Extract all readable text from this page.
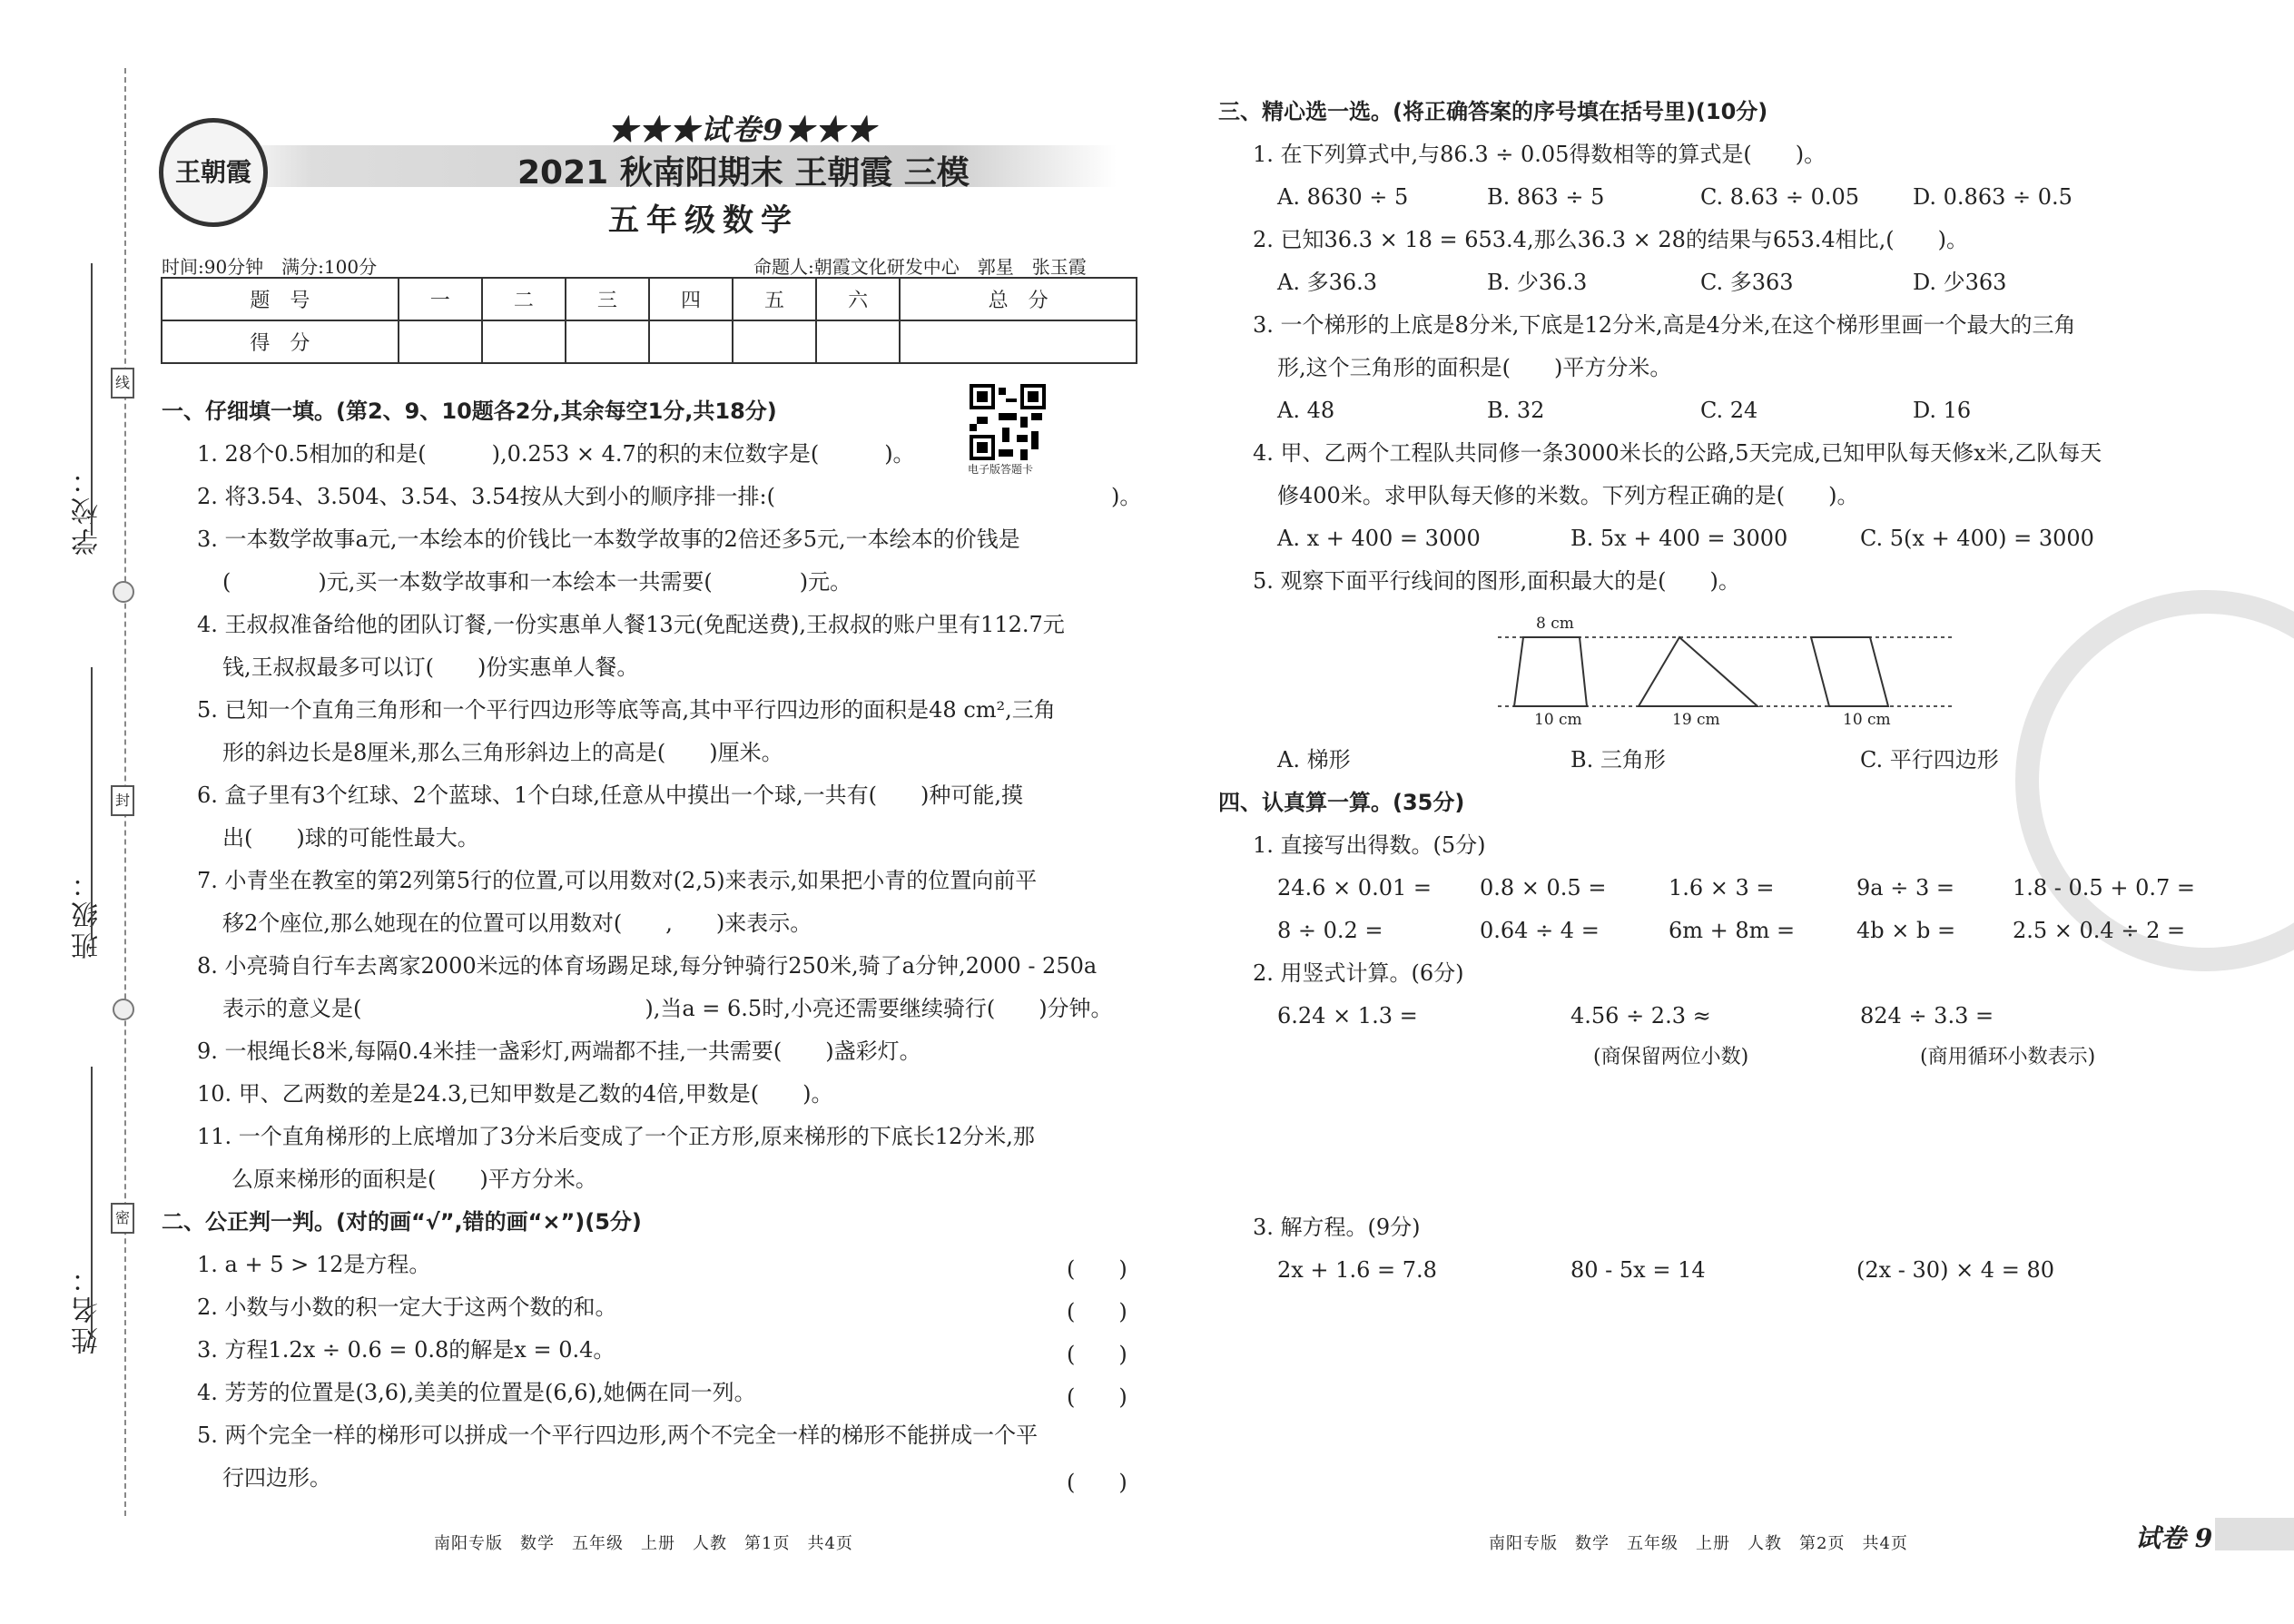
学校：
班级：
姓名：
线
封
密
王朝霞
★★★试卷9★★★
2021 秋南阳期末 王朝霞 三模
五年级数学
时间:90分钟　满分:100分	命题人:朝霞文化研发中心　郭星　张玉霞
题　号	一	二	三	四	五	六	总　分
得　分							
电子版答题卡
一、仔细填一填。(第2、9、10题各2分,其余每空1分,共18分)
1. 28个0.5相加的和是(　　　),0.253 × 4.7的积的末位数字是(　　　)。
2. 将3.54、3.504、3.54、3.54按从大到小的顺序排一排:(	)。
3. 一本数学故事a元,一本绘本的价钱比一本数学故事的2倍还多5元,一本绘本的价钱是
(　　　　)元,买一本数学故事和一本绘本一共需要(　　　　)元。
4. 王叔叔准备给他的团队订餐,一份实惠单人餐13元(免配送费),王叔叔的账户里有112.7元
钱,王叔叔最多可以订(　　)份实惠单人餐。
5. 已知一个直角三角形和一个平行四边形等底等高,其中平行四边形的面积是48 cm²,三角
形的斜边长是8厘米,那么三角形斜边上的高是(　　)厘米。
6. 盒子里有3个红球、2个蓝球、1个白球,任意从中摸出一个球,一共有(　　)种可能,摸
出(　　)球的可能性最大。
7. 小青坐在教室的第2列第5行的位置,可以用数对(2,5)来表示,如果把小青的位置向前平
移2个座位,那么她现在的位置可以用数对(　　,　　)来表示。
8. 小亮骑自行车去离家2000米远的体育场踢足球,每分钟骑行250米,骑了a分钟,2000 - 250a
表示的意义是(　　　　　　　　　　　　　),当a = 6.5时,小亮还需要继续骑行(　　)分钟。
9. 一根绳长8米,每隔0.4米挂一盏彩灯,两端都不挂,一共需要(　　)盏彩灯。
10. 甲、乙两数的差是24.3,已知甲数是乙数的4倍,甲数是(　　)。
11. 一个直角梯形的上底增加了3分米后变成了一个正方形,原来梯形的下底长12分米,那
么原来梯形的面积是(　　)平方分米。
二、公正判一判。(对的画“√”,错的画“×”)(5分)
1. a + 5 > 12是方程。	(　　)
2. 小数与小数的积一定大于这两个数的和。	(　　)
3. 方程1.2x ÷ 0.6 = 0.8的解是x = 0.4。	(　　)
4. 芳芳的位置是(3,6),美美的位置是(6,6),她俩在同一列。	(　　)
5. 两个完全一样的梯形可以拼成一个平行四边形,两个不完全一样的梯形不能拼成一个平
行四边形。	(　　)
南阳专版　数学　五年级　上册　人教　第1页　共4页
三、精心选一选。(将正确答案的序号填在括号里)(10分)
1. 在下列算式中,与86.3 ÷ 0.05得数相等的算式是(　　)。
A. 8630 ÷ 5	B. 863 ÷ 5	C. 8.63 ÷ 0.05 D. 0.863 ÷ 0.5
2. 已知36.3 × 18 = 653.4,那么36.3 × 28的结果与653.4相比,(　　)。
A. 多36.3	B. 少36.3	C. 多363	D. 少363
3. 一个梯形的上底是8分米,下底是12分米,高是4分米,在这个梯形里画一个最大的三角
形,这个三角形的面积是(　　)平方分米。
A. 48	B. 32	C. 24	D. 16
4. 甲、乙两个工程队共同修一条3000米长的公路,5天完成,已知甲队每天修x米,乙队每天
修400米。求甲队每天修的米数。下列方程正确的是(　　)。
A. x + 400 = 3000	B. 5x + 400 = 3000	C. 5(x + 400) = 3000
5. 观察下面平行线间的图形,面积最大的是(　　)。
8 cm
10 cm	19 cm	10 cm
A. 梯形	B. 三角形	C. 平行四边形
四、认真算一算。(35分)
1. 直接写出得数。(5分)
24.6 × 0.01 = 0.8 × 0.5 =	1.6 × 3 =	9a ÷ 3 =	1.8 - 0.5 + 0.7 =
8 ÷ 0.2 =	0.64 ÷ 4 =	6m + 8m =	4b × b =	2.5 × 0.4 ÷ 2 =
2. 用竖式计算。(6分)
6.24 × 1.3 =	4.56 ÷ 2.3 ≈	824 ÷ 3.3 =
(商保留两位小数)	(商用循环小数表示)
3. 解方程。(9分)
2x + 1.6 = 7.8	80 - 5x = 14	(2x - 30) × 4 = 80
南阳专版　数学　五年级　上册　人教　第2页　共4页	试卷 9
